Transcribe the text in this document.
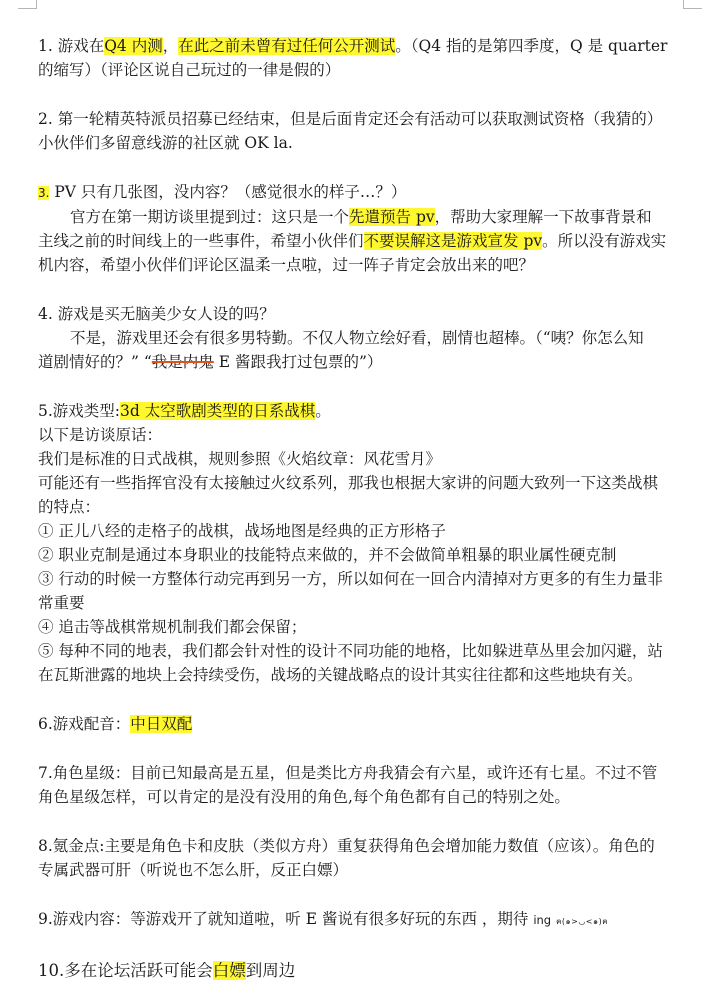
1. 游戏在Q4 内测，在此之前未曾有过任何公开测试。（Q4 指的是第四季度，Q 是 quarter
的缩写）（评论区说自己玩过的一律是假的）
2. 第一轮精英特派员招募已经结束，但是后面肯定还会有活动可以获取测试资格（我猜的）
小伙伴们多留意线游的社区就 OK la.
3. PV 只有几张图，没内容？（感觉很水的样子…？）
官方在第一期访谈里提到过：这只是一个先遣预告 pv，帮助大家理解一下故事背景和
主线之前的时间线上的一些事件，希望小伙伴们不要误解这是游戏宣发 pv。所以没有游戏实
机内容，希望小伙伴们评论区温柔一点啦，过一阵子肯定会放出来的吧？
4. 游戏是买无脑美少女人设的吗？
不是，游戏里还会有很多男特勤。不仅人物立绘好看，剧情也超棒。（“咦？你怎么知
道剧情好的？” “我是内鬼 E 酱跟我打过包票的”）
5.游戏类型:3d 太空歌剧类型的日系战棋。
以下是访谈原话：
我们是标准的日式战棋，规则参照《火焰纹章：风花雪月》
可能还有一些指挥官没有太接触过火纹系列，那我也根据大家讲的问题大致列一下这类战棋
的特点：
① 正儿八经的走格子的战棋，战场地图是经典的正方形格子
② 职业克制是通过本身职业的技能特点来做的，并不会做简单粗暴的职业属性硬克制
③ 行动的时候一方整体行动完再到另一方，所以如何在一回合内清掉对方更多的有生力量非
常重要
④ 追击等战棋常规机制我们都会保留；
⑤ 每种不同的地表，我们都会针对性的设计不同功能的地格，比如躲进草丛里会加闪避，站
在瓦斯泄露的地块上会持续受伤，战场的关键战略点的设计其实往往都和这些地块有关。
6.游戏配音：中日双配
7.角色星级：目前已知最高是五星，但是类比方舟我猜会有六星，或许还有七星。不过不管
角色星级怎样，可以肯定的是没有没用的角色,每个角色都有自己的特别之处。
8.氪金点:主要是角色卡和皮肤（类似方舟）重复获得角色会增加能力数值（应该）。角色的
专属武器可肝（听说也不怎么肝，反正白嫖）
9.游戏内容：等游戏开了就知道啦，听 E 酱说有很多好玩的东西 ，期待 ing ฅ(๑>◡<๑)ฅ
10.多在论坛活跃可能会白嫖到周边
